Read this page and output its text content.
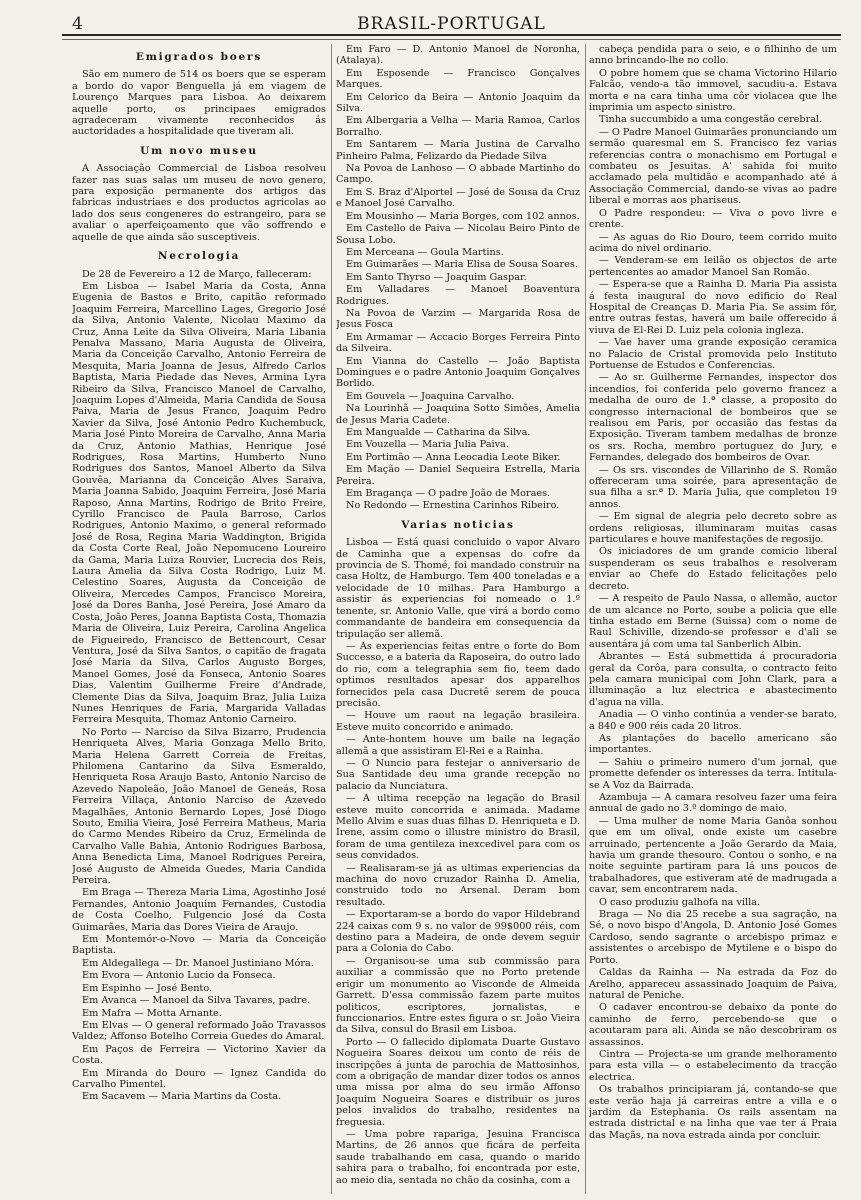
4	BRASIL-PORTUGAL
Emigrados boers

São em numero de 514 os boers que se esperam a bordo do vapor Benguella já em viagem de Lourenço Marques para Lisboa. Ao deixarem aquelle porto, os principaes emigrados agradeceram vivamente reconhecidos ás auctoridades a hospitalidade que tiveram ali.

Um novo museu

A Associação Commercial de Lisboa resolveu fazer nas suas salas um museu de novo genero, para exposição permanente dos artigos das fabricas industriaes e dos productos agricolas ao lado dos seus congeneres do estrangeiro, para se avaliar o aperfeiçoamento que vão soffrendo e aquelle de que ainda são susceptiveis.

Necrologia

De 28 de Fevereiro a 12 de Março, falleceram:

Em Lisboa — Isabel Maria da Costa, Anna Eugenia de Bastos e Brito, capitão reformado Joaquim Ferreira, Marcellino Lages, Gregorio José da Silva, Antonio Valente, Nicolau Maximo da Cruz, Anna Leite da Silva Oliveira, Maria Libania Penalva Massano, Maria Augusta de Oliveira, Maria da Conceição Carvalho, Antonio Ferreira de Mesquita, Maria Joanna de Jesus, Alfredo Carlos Baptista, Maria Piedade das Neves, Armina Lyra Ribeiro da Silva, Francisco Manoel de Carvalho, Joaquim Lopes d'Almeida, Maria Candida de Sousa Paiva, Maria de Jesus Franco, Joaquim Pedro Xavier da Silva, José Antonio Pedro Kuchembuck, Maria José Pinto Moreira de Carvalho, Anna Maria da Cruz, Antonio Mathias, Henrique José Rodrigues, Rosa Martins, Humberto Nuno Rodrigues dos Santos, Manoel Alberto da Silva Gouvêa, Marianna da Conceição Alves Saraiva, Maria Joanna Sabido, Joaquim Ferreira, José Maria Raposo, Anna Martins, Rodrigo de Brito Freire, Cyrillo Francisco de Paula Barroso, Carlos Rodrigues, Antonio Maximo, o general reformado José de Rosa, Regina Maria Waddington, Brigida da Costa Corte Real, João Nepomuceno Loureiro da Gama, Maria Luiza Rouvier, Lucrecia dos Reis, Laura Amelia da Silva Costa Rodrigo, Luiz M. Celestino Soares, Augusta da Conceição de Oliveira, Mercedes Campos, Francisco Moreira, José da Dores Banha, José Pereira, José Amaro da Costa, João Peres, Joanna Baptista Costa, Thomazia Maria de Oliveira, Luiz Pereira, Carolina Angelica de Figueiredo, Francisco de Bettencourt, Cesar Ventura, José da Silva Santos, o capitão de fragata José Maria da Silva, Carlos Augusto Borges, Manoel Gomes, José da Fonseca, Antonio Soares Dias, Valentim Guilherme Freire d'Andrade, Clemente Dias da Silva, Joaquim Braz, Julia Luiza Nunes Henriques de Faria, Margarida Valladas Ferreira Mesquita, Thomaz Antonio Carneiro.

No Porto — Narciso da Silva Bizarro, Prudencia Henriqueta Alves, Maria Gonzaga Mello Brito, Maria Helena Garrett Correia de Freitas, Philomena Cantarino da Silva Esmeraldo, Henriqueta Rosa Araujo Basto, Antonio Narciso de Azevedo Napoleão, João Manoel de Geneás, Rosa Ferreira Villaça, Antonio Narciso de Azevedo Magalhães, Antonio Bernardo Lopes, José Diogo Souto, Emilia Vieira, José Ferreira Matheus, Maria do Carmo Mendes Ribeiro da Cruz, Ermelinda de Carvalho Valle Bahia, Antonio Rodrigues Barbosa, Anna Benedicta Lima, Manoel Rodrigues Pereira, José Augusto de Almeida Guedes, Maria Candida Pereira.

Em Braga — Thereza Maria Lima, Agostinho José Fernandes, Antonio Joaquim Fernandes, Custodia de Costa Coelho, Fulgencio José da Costa Guimarães, Maria das Dores Vieira de Araujo.

Em Montemór-o-Novo — Maria da Conceição Baptista.

Em Aldegallega — Dr. Manoel Justiniano Móra.

Em Evora — Antonio Lucio da Fonseca.

Em Espinho — José Bento.

Em Avanca — Manoel da Silva Tavares, padre.

Em Mafra — Motta Arnante.

Em Elvas — O general reformado João Travassos Valdez; Affonso Botelho Correia Guedes do Amaral.

Em Paços de Ferreira — Victorino Xavier da Costa.

Em Miranda do Douro — Ignez Candida do Carvalho Pimentel.

Em Sacavem — Maria Martins da Costa.

Em Faro — D. Antonio Manoel de Noronha, (Atalaya).

Em Esposende — Francisco Gonçalves Marques.

Em Celorico da Beira — Antonio Joaquim da Silva.

Em Albergaria a Velha — Maria Ramoa, Carlos Borralho.

Em Santarem — Maria Justina de Carvalho Pinheiro Palma, Felizardo da Piedade Silva

Na Povoa de Lanhoso — O abbade Martinho do Campo.

Em S. Braz d'Alportel — José de Sousa da Cruz e Manoel José Carvalho.

Em Mousinho — Maria Borges, com 102 annos.

Em Castello de Paiva — Nicolau Beiro Pinto de Sousa Lobo.

Em Merceana — Goula Martins.

Em Guimarães — Maria Elisa de Sousa Soares.

Em Santo Thyrso — Joaquim Gaspar.

Em Valladares — Manoel Boaventura Rodrigues.

Na Povoa de Varzim — Margarida Rosa de Jesus Fosca

Em Armamar — Accacio Borges Ferreira Pinto da Silveira.

Em Vianna do Castello — João Baptista Domingues e o padre Antonio Joaquim Gonçalves Borlido.

Em Gouvela — Joaquina Carvalho.

Na Lourinhã — Joaquina Sotto Simões, Amelia de Jesus Maria Cadete.

Em Mangualde — Catharina da Silva.

Em Vouzella — Maria Julia Paiva.

Em Portimão — Anna Leocadia Leote Biker.

Em Mação — Daniel Sequeira Estrella, Maria Pereira.

Em Bragança — O padre João de Moraes.

No Redondo — Ernestina Carinhos Ribeiro.

Varias noticias

Lisboa — Está quasi concluido o vapor Alvaro de Caminha que a expensas do cofre da provincia de S. Thomé, foi mandado construir na casa Holtz, de Hamburgo. Tem 400 toneladas e a velocidade de 10 milhas. Para Hamburgo a assistir ás experiencias foi nomeado o 1.º tenente, sr. Antonio Valle, que virá a bordo como commandante de bandeira em consequencia da tripulação ser allemã.

— As experiencias feitas entre o forte do Bom Successo, e a bateria da Raposeira, do outro lado do rio, com a telegraphia sem fio, teem dado optimos resultados apesar dos apparelhos fornecidos pela casa Ducretê serem de pouca precisão.

— Houve um raout na legação brasileira. Esteve muito concorrido e animado.

— Ante-hontem houve um baile na legação allemã a que assistiram El-Rei e a Rainha.

— O Nuncio para festejar o anniversario de Sua Santidade deu uma grande recepção no palacio da Nunciatura.

— A ultima recepção na legação do Brasil esteve muito concorrida e animada. Madame Mello Alvim e suas duas filhas D. Henriqueta e D. Irene, assim como o illustre ministro do Brasil, foram de uma gentileza inexcedivel para com os seus convidados.

— Realisaram-se já as ultimas experiencias da machina do novo cruzador Rainha D. Amelia, construido todo no Arsenal. Deram bom resultado.

— Exportaram-se a bordo do vapor Hildebrand 224 caixas com 9 s. no valor de 99$000 réis, com destino para a Madeira, de onde devem seguir para a Colonia do Cabo.

— Organisou-se uma sub commissão para auxiliar a commissão que no Porto pretende erigir um monumento ao Visconde de Almeida Garrett. D'essa commissão fazem parte muitos politicos, escriptores, jornalistas, e funccionarios. Entre estes figura o sr. João Vieira da Silva, consul do Brasil em Lisboa.

Porto — O fallecido diplomata Duarte Gustavo Nogueira Soares deixou um conto de réis de inscripções á junta de parochia de Mattosinhos, com a obrigação de mandar dizer todos os annos uma missa por alma do seu irmão Affonso Joaquim Nogueira Soares e distribuir os juros pelos invalidos do trabalho, residentes na freguesia.

— Uma pobre rapariga, Jesuina Francisca Martins, de 26 annos que ficára de perfeita saude trabalhando em casa, quando o marido sahira para o trabalho, foi encontrada por este, ao meio dia, sentada no chão da cosinha, com a

cabeça pendida para o seio, e o filhinho de um anno brincando-lhe no collo.

O pobre homem que se chama Victorino Hilario Falcão, vendo-a tão immovel, sacudiu-a. Estava morta e na cara tinha uma côr violacea que lhe imprimia um aspecto sinistro.

Tinha succumbido a uma congestão cerebral.

— O Padre Manoel Guimarães pronunciando um sermão quaresmal em S. Francisco fez varias referencias contra o monachismo em Portugal e combateu os Jesuitas. A' sahida foi muito acclamado pela multidão e acompanhado até á Associação Commercial, dando-se vivas ao padre liberal e morras aos phariseus.

O Padre respondeu: — Viva o povo livre e crente.

— As aguas do Rio Douro, teem corrido muito acima do nivel ordinario.

— Venderam-se em leilão os objectos de arte pertencentes ao amador Manoel San Romão.

— Espera-se que a Rainha D. Maria Pia assista á festa inaugural do novo edificio do Real Hospital de Creanças D. Maria Pia. Se assim fôr, entre outras festas, haverá um baile offerecido á viuva de El-Rei D. Luiz pela colonia ingleza.

— Vae haver uma grande exposição ceramica no Palacio de Cristal promovida pelo Instituto Portuense de Estudos e Conferencias.

— Ao sr. Guilherme Fernandes, inspector dos incendios, foi conferida pelo governo francez a medalha de ouro de 1.ª classe, a proposito do congresso internacional de bombeiros que se realisou em Paris, por occasião das festas da Exposição. Tiveram tambem medalhas de bronze os srs. Rocha, membro portuguez do Jury, e Fernandes, delegado dos bombeiros de Ovar.

— Os srs. viscondes de Villarinho de S. Romão offereceram uma soirée, para apresentação de sua filha a sr.ª D. Maria Julia, que completou 19 annos.

— Em signal de alegria pelo decreto sobre as ordens religiosas, illuminaram muitas casas particulares e houve manifestações de regosijo.

Os iniciadores de um grande comicio liberal suspenderam os seus trabalhos e resolveram enviar ao Chefe do Estado felicitações pelo decreto.

— A respeito de Paulo Nassa, o allemão, auctor de um alcance no Porto, soube a policia que elle tinha estado em Berne (Suissa) com o nome de Raul Schiville, dizendo-se professor e d'ali se ausentára já com uma tal Sanberlich Albin.

Abrantes — Está submettida á procuradoria geral da Corôa, para consulta, o contracto feito pela camara municipal com John Clark, para a illuminação a luz electrica e abastecimento d'agua na villa.

Anadia — O vinho continúa a vender-se barato, a 840 e 900 réis cada 20 litros.

As plantações do bacello americano são importantes.

— Sahiu o primeiro numero d'um jornal, que promette defender os interesses da terra. Intitula-se A Voz da Bairrada.

Azambuja — A camara resolveu fazer uma feira annual de gado no 3.º domingo de maio.

— Uma mulher de nome Maria Ganôa sonhou que em um olival, onde existe um casebre arruinado, pertencente a João Gerardo da Maia, havia um grande thesouro. Contou o sonho, e na noite seguinte partiram para lá uns poucos de trabalhadores, que estiveram até de madrugada a cavar, sem encontrarem nada.

O caso produziu galhofa na villa.

Braga — No dia 25 recebe a sua sagração, na Sé, o novo bispo d'Angola, D. Antonio José Gomes Cardoso, sendo sagrante o arcebispo primaz e assistentes o arcebispo de Mytilene e o bispo do Porto.

Caldas da Rainha — Na estrada da Foz do Arelho, appareceu assassinado Joaquim de Paiva, natural de Peniche.

O cadaver encontrou-se debaixo da ponte do caminho de ferro, percebendo-se que o acoutaram para ali. Ainda se não descobriram os assassinos.

Cintra — Projecta-se um grande melhoramento para esta villa — o estabelecimento da tracção electrica.

Os trabalhos principiaram já, contando-se que este verão haja já carreiras entre a villa e o jardim da Estephania. Os rails assentam na estrada districtal e na linha que vae ter á Praia das Maçãs, na nova estrada ainda por concluir.
